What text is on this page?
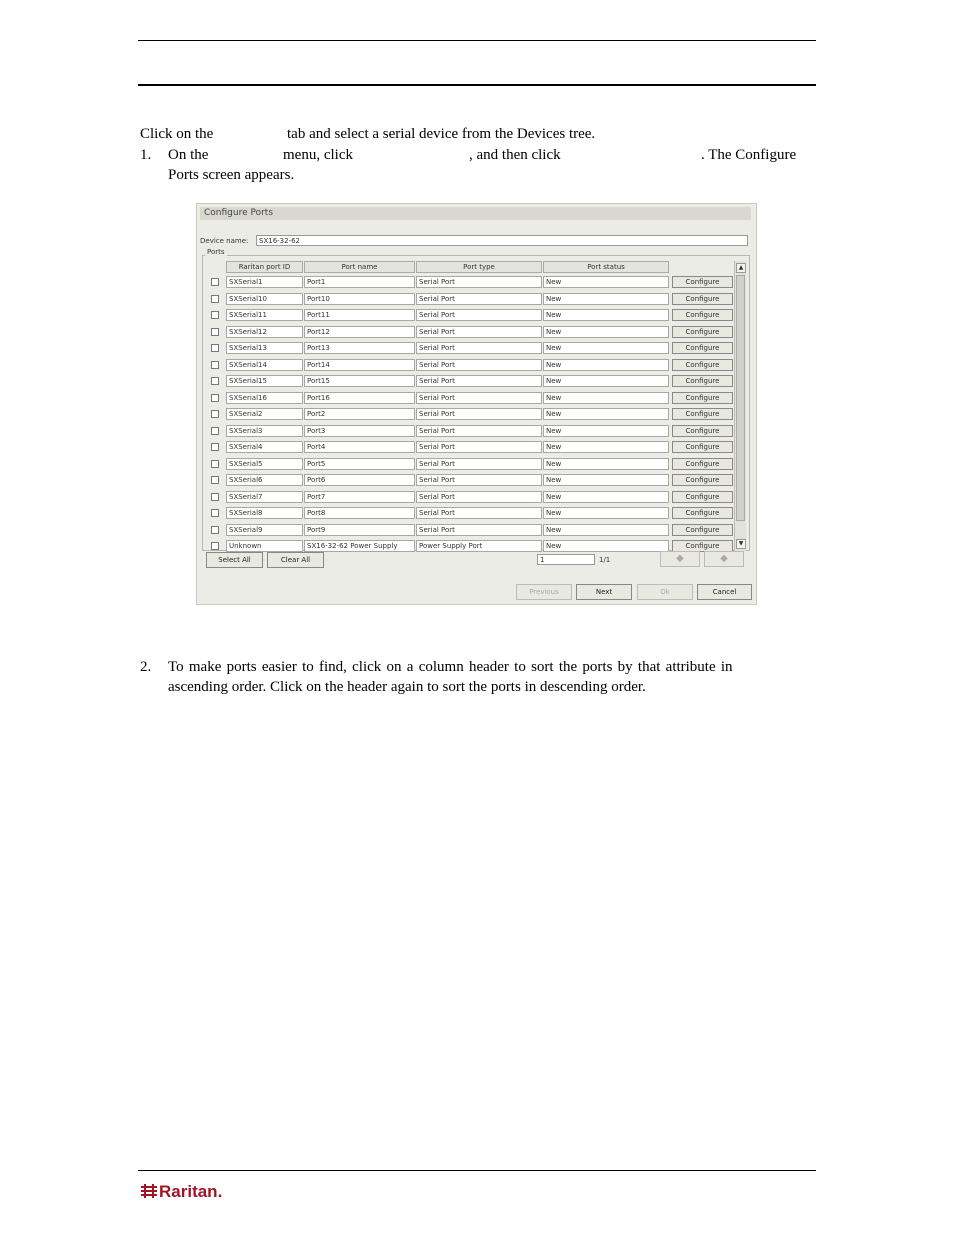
Click on the	tab and select a serial device from the Devices tree.
1. On the	menu, click	, and then click	. The Configure
Ports screen appears.
Configure Ports
Device name:	SX16-32-62
Ports
Raritan port ID	Port name	Port type	Port status
SXSerial1	Port1	Serial Port	New	Configure
SXSerial10	Port10	Serial Port	New	Configure
SXSerial11	Port11	Serial Port	New	Configure
SXSerial12	Port12	Serial Port	New	Configure
SXSerial13	Port13	Serial Port	New	Configure
SXSerial14	Port14	Serial Port	New	Configure
SXSerial15	Port15	Serial Port	New	Configure
SXSerial16	Port16	Serial Port	New	Configure
SXSerial2	Port2	Serial Port	New	Configure
SXSerial3	Port3	Serial Port	New	Configure
SXSerial4	Port4	Serial Port	New	Configure
SXSerial5	Port5	Serial Port	New	Configure
SXSerial6	Port6	Serial Port	New	Configure
SXSerial7	Port7	Serial Port	New	Configure
SXSerial8	Port8	Serial Port	New	Configure
SXSerial9	Port9	Serial Port	New	Configure
Unknown	SX16-32-62 Power Supply	Power Supply Port	New	Configure
▲
▼
Select All	Clear All	1	1/1	◆	◆
Previous	Next	Ok	Cancel
2. To make ports easier to find, click on a column header to sort the ports by that attribute in
ascending order. Click on the header again to sort the ports in descending order.
Raritan.
